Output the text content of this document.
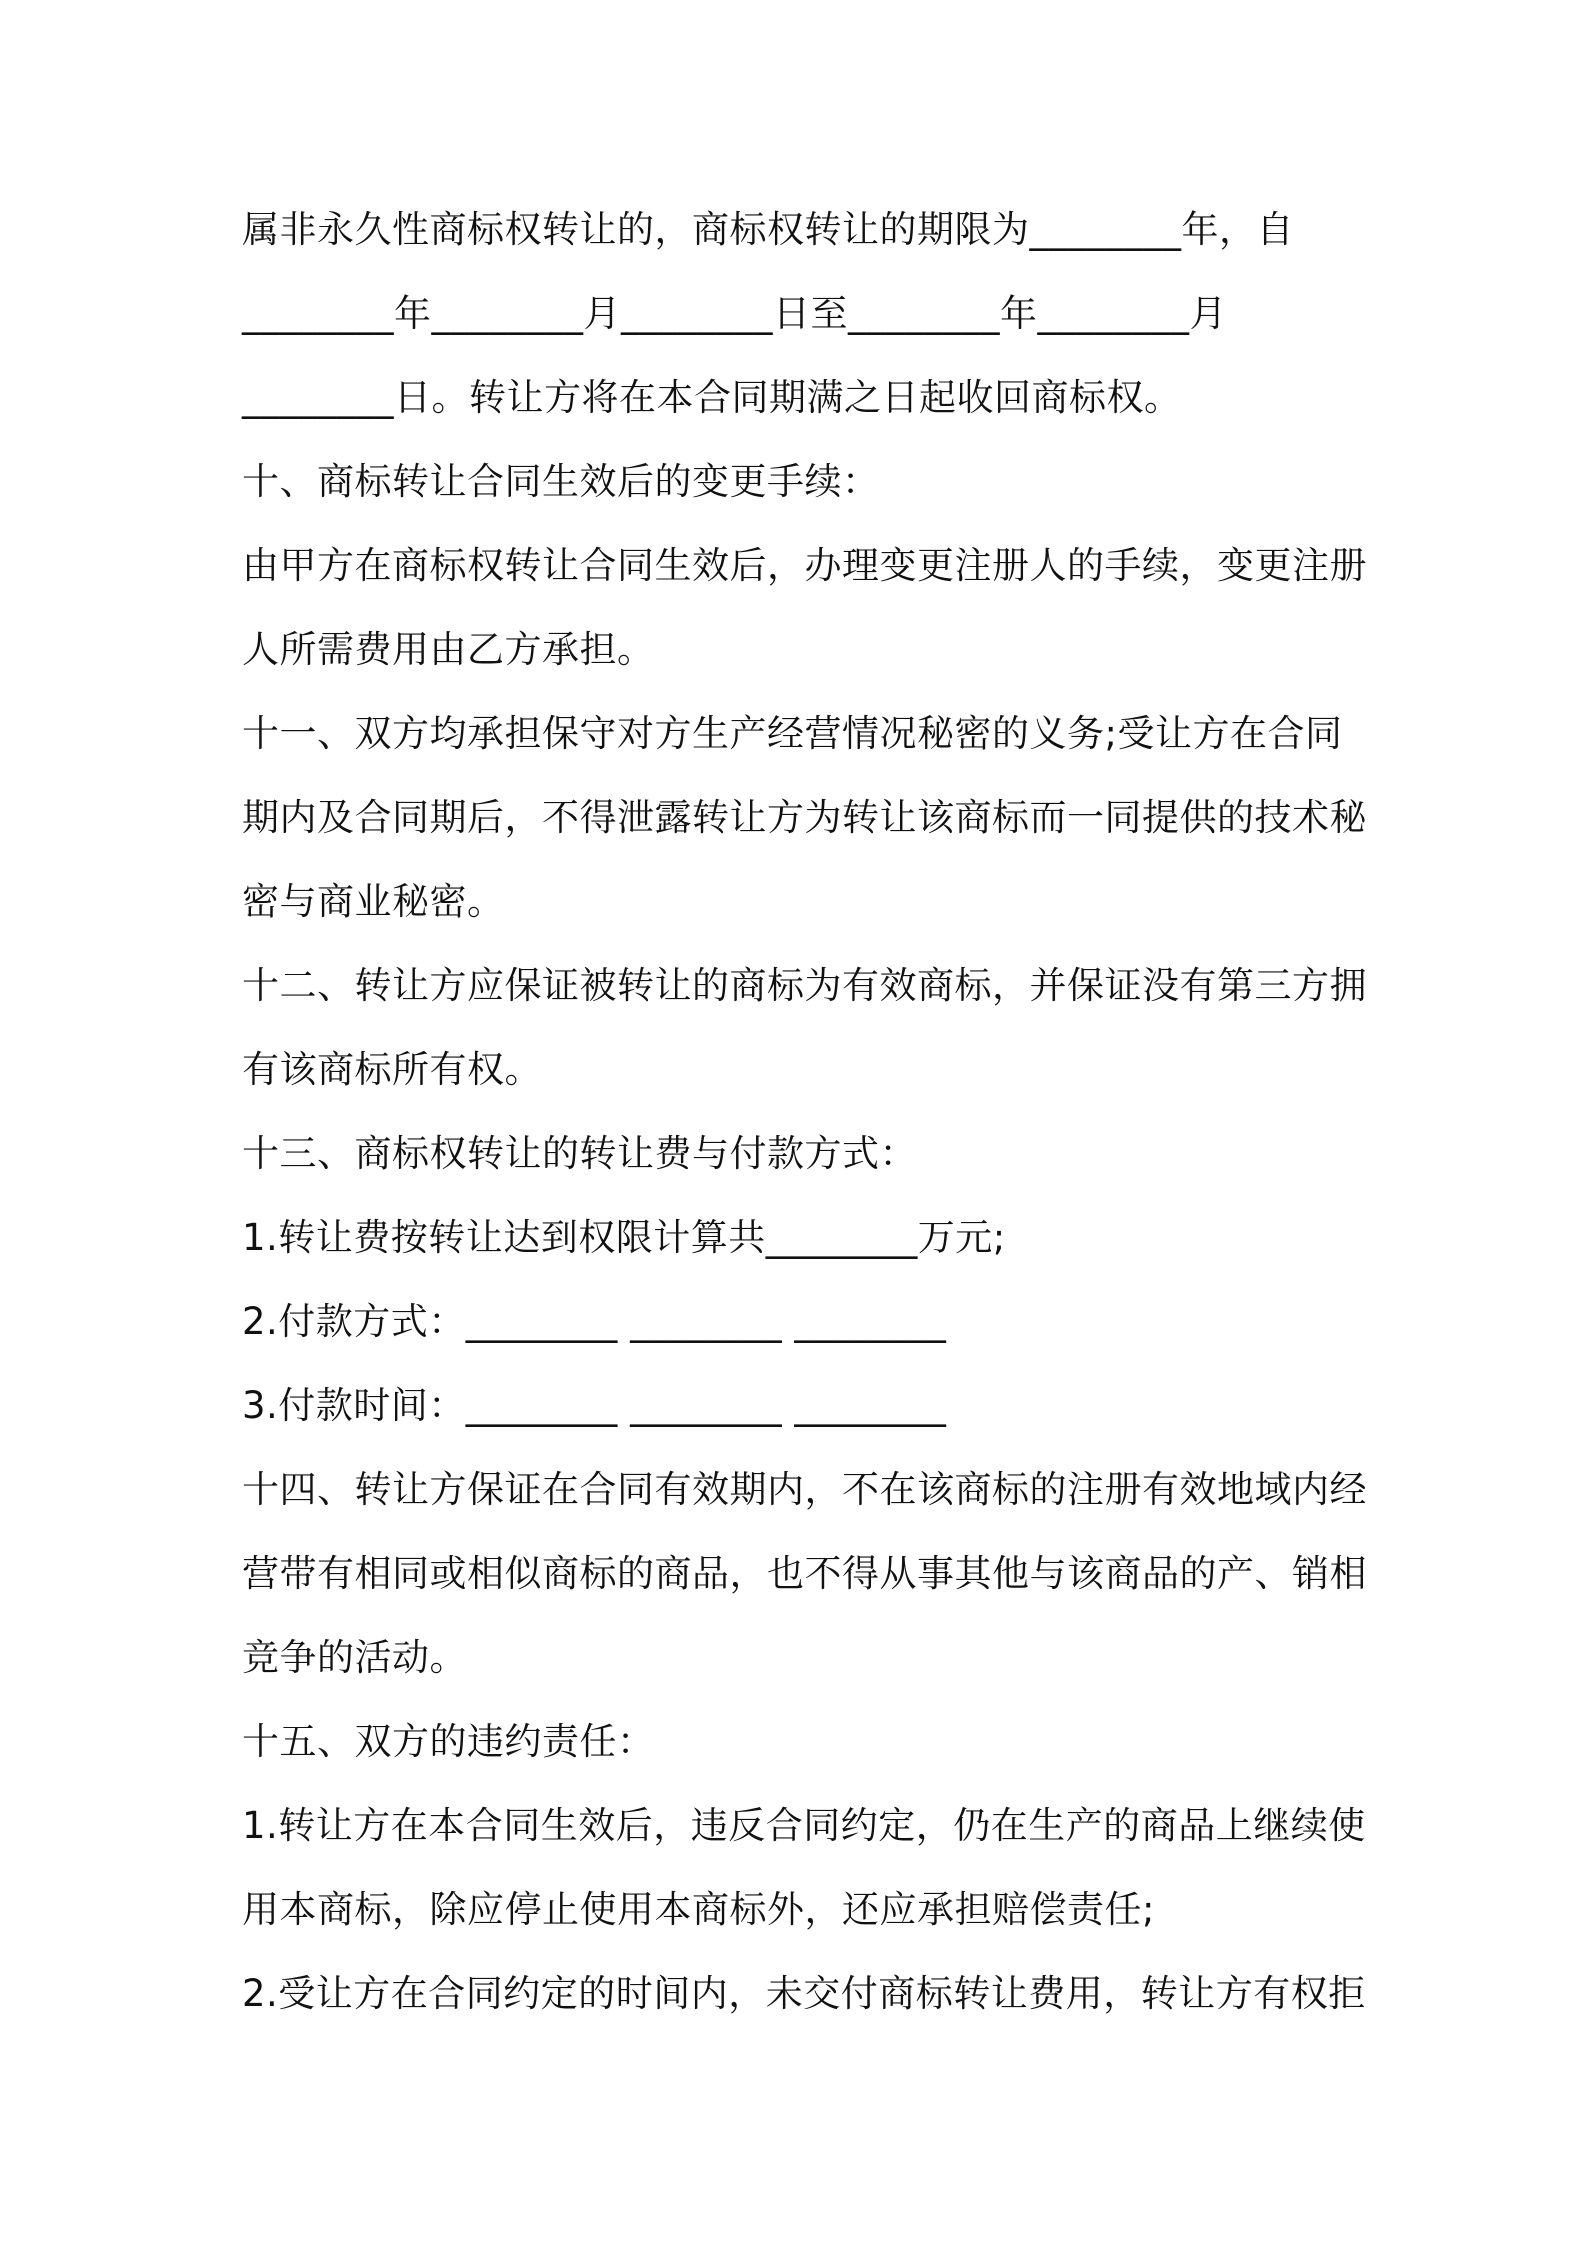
属非永久性商标权转让的，商标权转让的期限为________年，自
________年________月________日至________年________月
________日。转让方将在本合同期满之日起收回商标权。
十、商标转让合同生效后的变更手续：
由甲方在商标权转让合同生效后，办理变更注册人的手续，变更注册
人所需费用由乙方承担。
十一、双方均承担保守对方生产经营情况秘密的义务;受让方在合同
期内及合同期后，不得泄露转让方为转让该商标而一同提供的技术秘
密与商业秘密。
十二、转让方应保证被转让的商标为有效商标，并保证没有第三方拥
有该商标所有权。
十三、商标权转让的转让费与付款方式：
1.转让费按转让达到权限计算共________万元;
2.付款方式：________ ________ ________
3.付款时间：________ ________ ________
十四、转让方保证在合同有效期内，不在该商标的注册有效地域内经
营带有相同或相似商标的商品，也不得从事其他与该商品的产、销相
竞争的活动。
十五、双方的违约责任：
1.转让方在本合同生效后，违反合同约定，仍在生产的商品上继续使
用本商标，除应停止使用本商标外，还应承担赔偿责任;
2.受让方在合同约定的时间内，未交付商标转让费用，转让方有权拒
